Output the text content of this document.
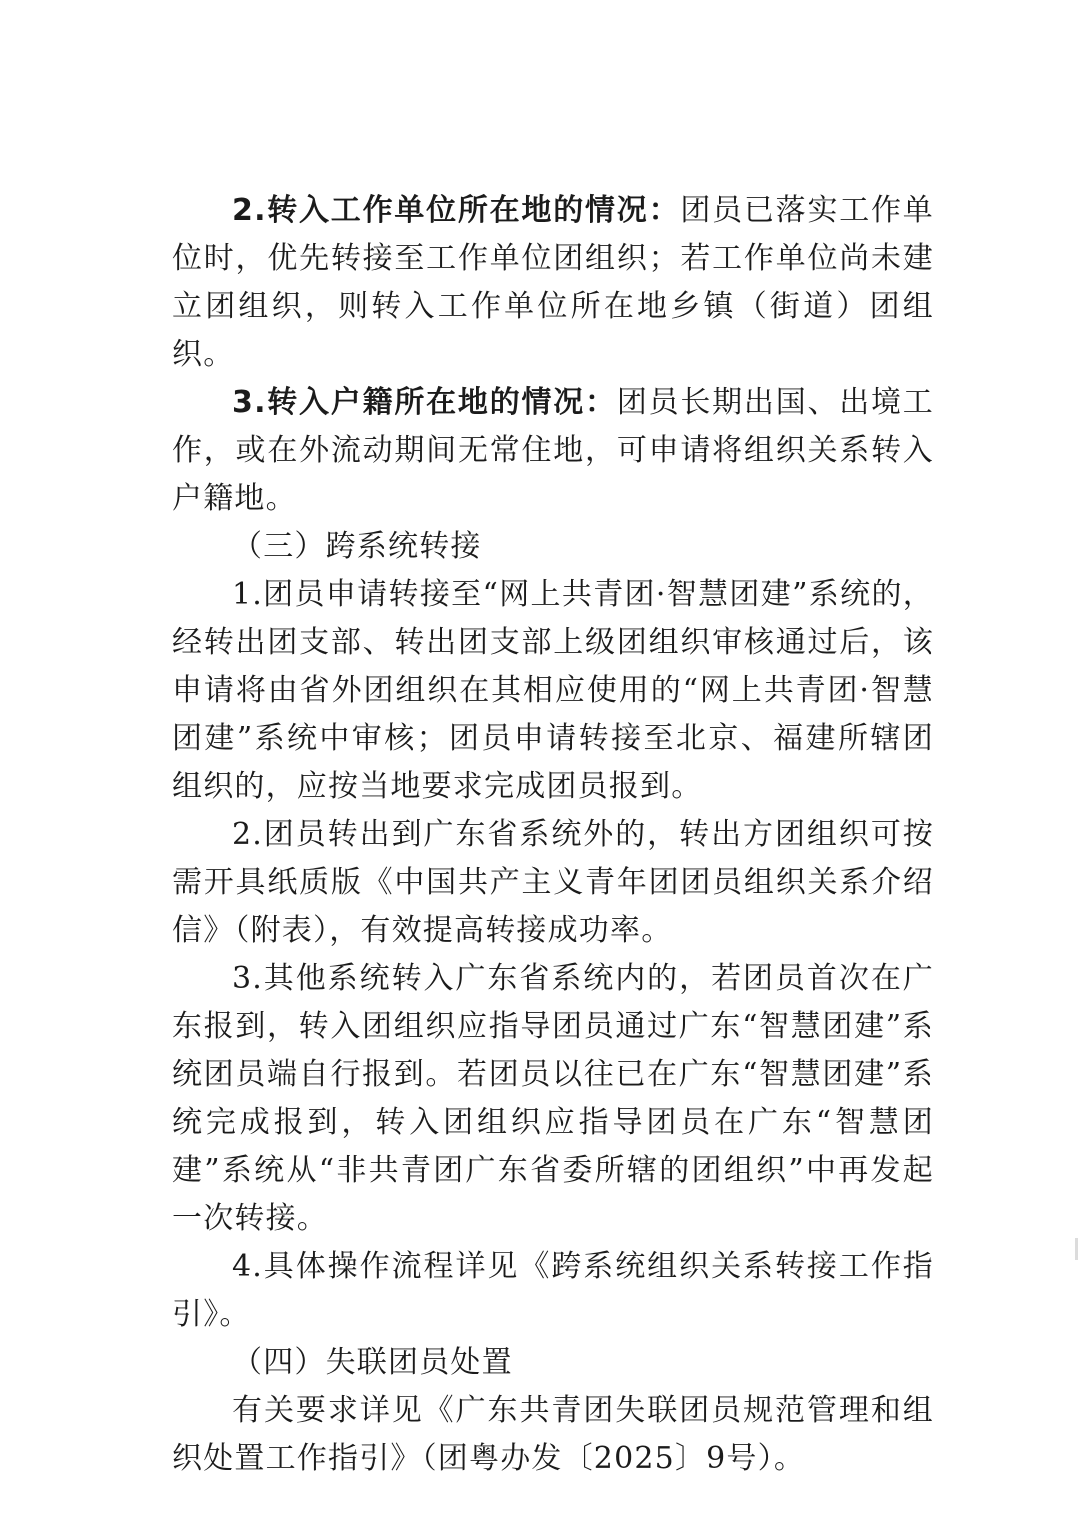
2.转入工作单位所在地的情况：团员已落实工作单位时，优先转接至工作单位团组织；若工作单位尚未建立团组织，则转入工作单位所在地乡镇（街道）团组织。

3.转入户籍所在地的情况：团员长期出国、出境工作，或在外流动期间无常住地，可申请将组织关系转入户籍地。

（三）跨系统转接

1.团员申请转接至“网上共青团·智慧团建”系统的，经转出团支部、转出团支部上级团组织审核通过后，该申请将由省外团组织在其相应使用的“网上共青团·智慧团建”系统中审核；团员申请转接至北京、福建所辖团组织的，应按当地要求完成团员报到。

2.团员转出到广东省系统外的，转出方团组织可按需开具纸质版《中国共产主义青年团团员组织关系介绍信》（附表），有效提高转接成功率。

3.其他系统转入广东省系统内的，若团员首次在广东报到，转入团组织应指导团员通过广东“智慧团建”系统团员端自行报到。若团员以往已在广东“智慧团建”系统完成报到，转入团组织应指导团员在广东“智慧团建”系统从“非共青团广东省委所辖的团组织”中再发起一次转接。

4.具体操作流程详见《跨系统组织关系转接工作指引》。

（四）失联团员处置

有关要求详见《广东共青团失联团员规范管理和组织处置工作指引》（团粤办发〔2025〕9号）。
